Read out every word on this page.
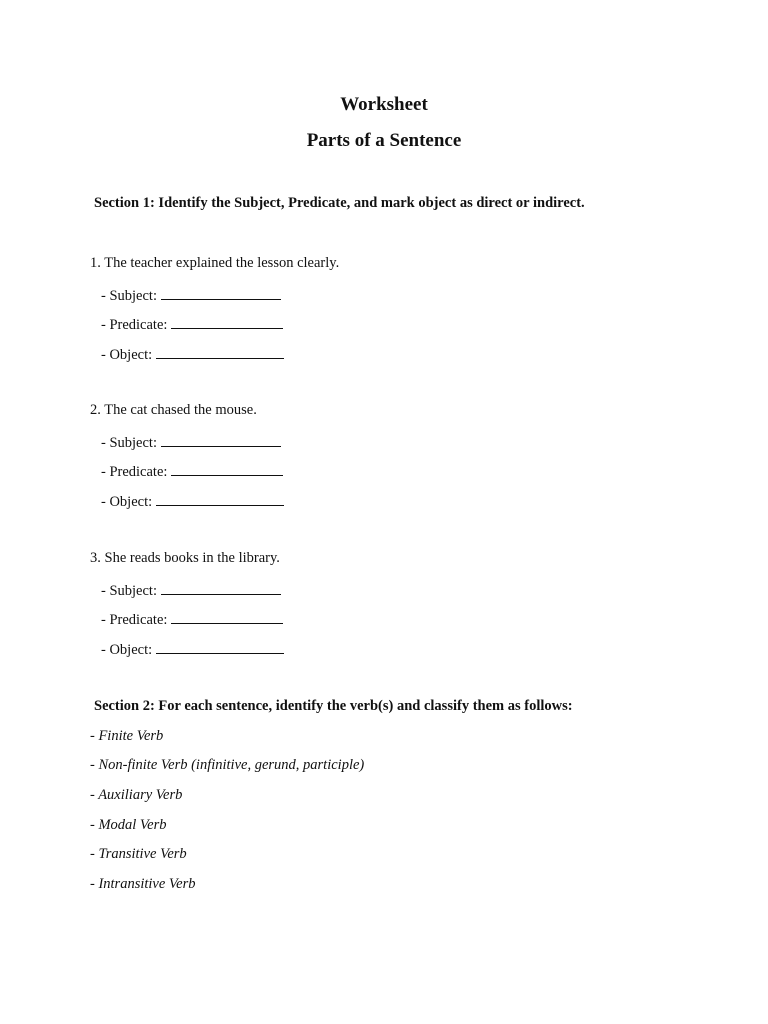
Worksheet
Parts of a Sentence
Section 1: Identify the Subject, Predicate, and mark object as direct or indirect.
1. The teacher explained the lesson clearly.
- Subject:
- Predicate:
- Object:
2. The cat chased the mouse.
- Subject:
- Predicate:
- Object:
3. She reads books in the library.
- Subject:
- Predicate:
- Object:
Section 2: For each sentence, identify the verb(s) and classify them as follows:
- Finite Verb
- Non-finite Verb (infinitive, gerund, participle)
- Auxiliary Verb
- Modal Verb
- Transitive Verb
- Intransitive Verb
